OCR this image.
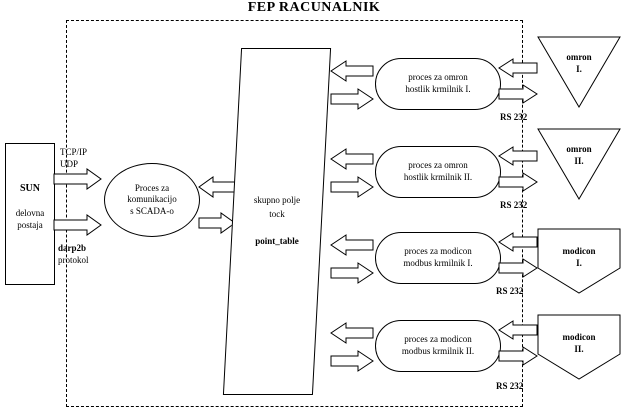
FEP RACUNALNIK
SUN
delovna
postaja
TCP/IP
UDP
darp2b
protokol
Proces za
komunikacijo
s SCADA-o
skupno polje
tock
point_table
proces za omron
hostlik krmilnik I.
RS 232
omron
I.
proces za omron
hostlik krmilnik II.
RS 232
omron
II.
proces za modicon
modbus krmilnik I.
RS 232
modicon
I.
proces za modicon
modbus krmilnik II.
RS 232
modicon
II.
